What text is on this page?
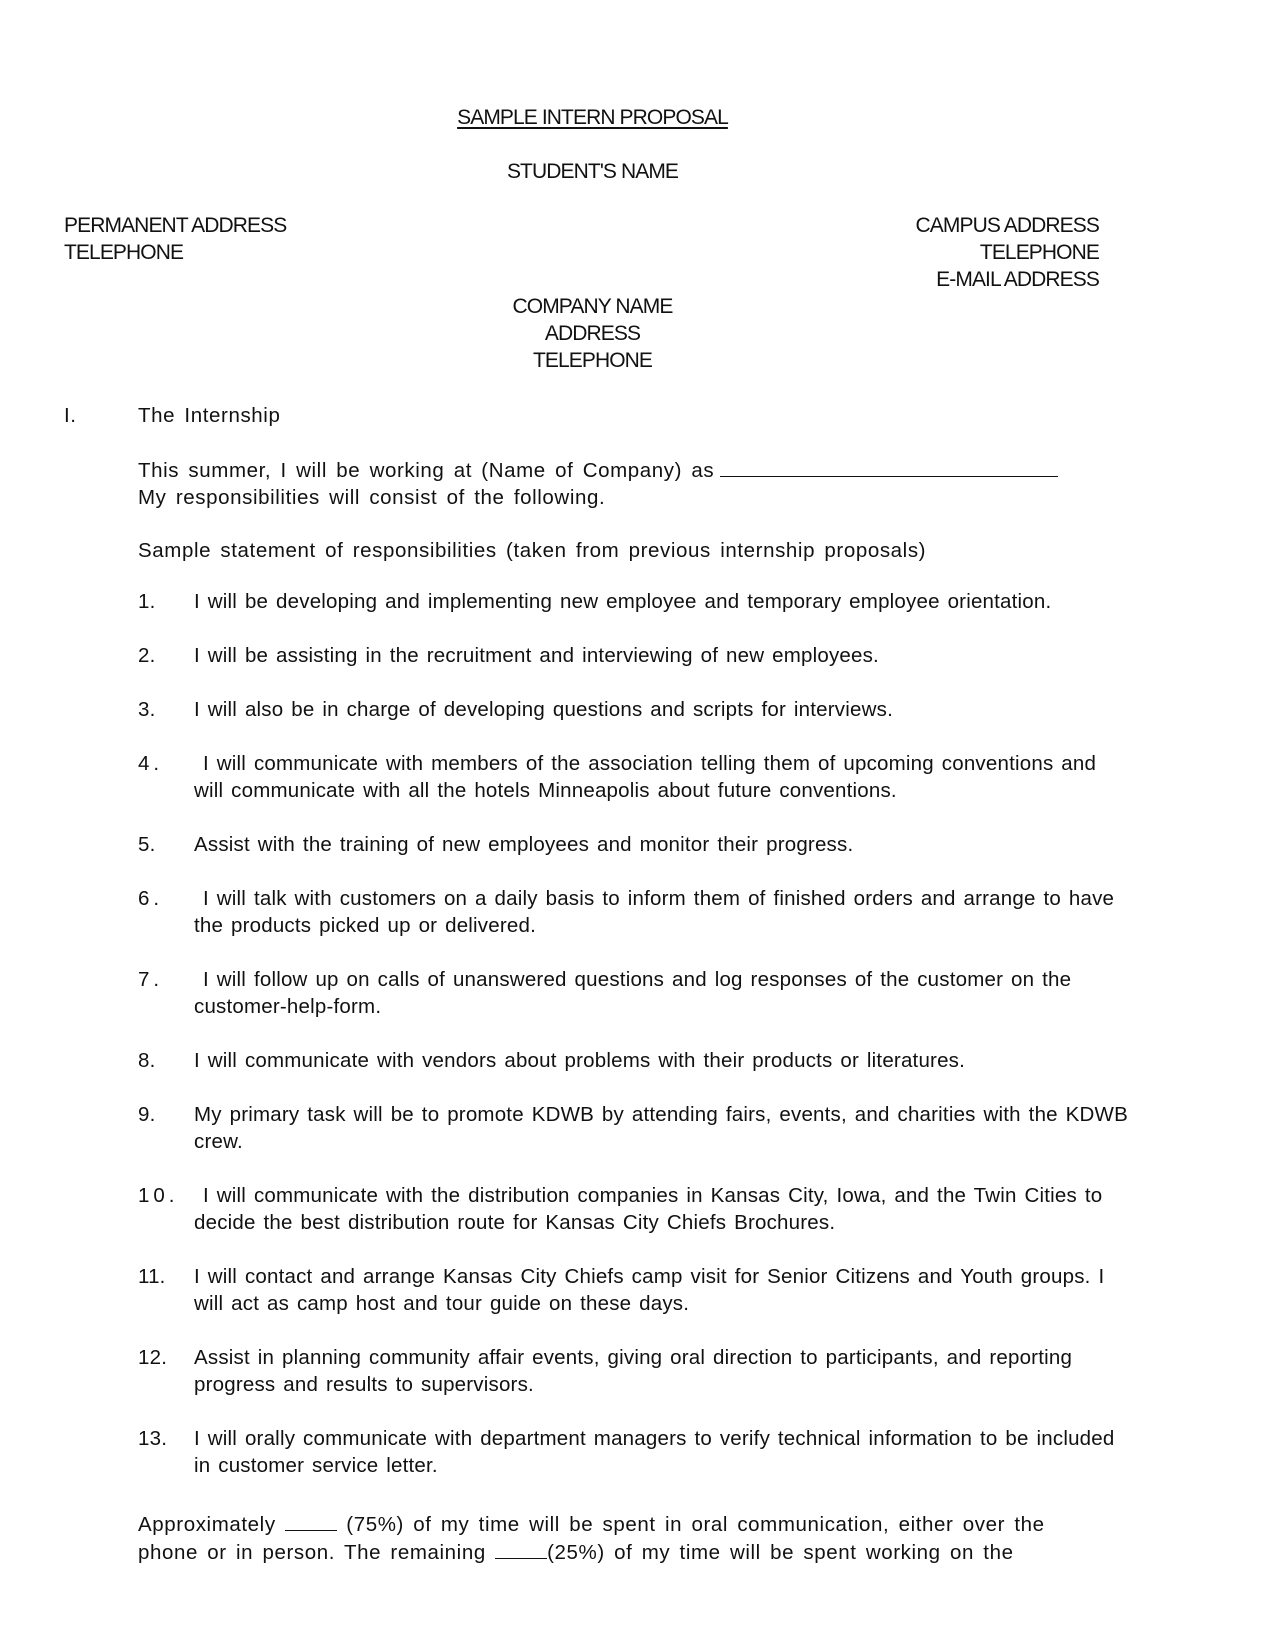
SAMPLE INTERN PROPOSAL
STUDENT'S NAME
PERMANENT ADDRESS
TELEPHONE
CAMPUS ADDRESS
TELEPHONE
E-MAIL ADDRESS
COMPANY NAME
ADDRESS
TELEPHONE
I.	The Internship
This summer, I will be working at (Name of Company) as
My responsibilities will consist of the following.
Sample statement of responsibilities (taken from previous internship proposals)
1. I will be developing and implementing new employee and temporary employee orientation.
2. I will be assisting in the recruitment and interviewing of new employees.
3. I will also be in charge of developing questions and scripts for interviews.
4. I will communicate with members of the association telling them of upcoming conventions and will communicate with all the hotels Minneapolis about future conventions.
5. Assist with the training of new employees and monitor their progress.
6. I will talk with customers on a daily basis to inform them of finished orders and arrange to have the products picked up or delivered.
7. I will follow up on calls of unanswered questions and log responses of the customer on the customer-help-form.
8. I will communicate with vendors about problems with their products or literatures.
9. My primary task will be to promote KDWB by attending fairs, events, and charities with the KDWB crew.
10. I will communicate with the distribution companies in Kansas City, Iowa, and the Twin Cities to decide the best distribution route for Kansas City Chiefs Brochures.
11. I will contact and arrange Kansas City Chiefs camp visit for Senior Citizens and Youth groups. I will act as camp host and tour guide on these days.
12. Assist in planning community affair events, giving oral direction to participants, and reporting progress and results to supervisors.
13. I will orally communicate with department managers to verify technical information to be included in customer service letter.
Approximately	(75%) of my time will be spent in oral communication, either over the
phone or in person. The remaining	(25%) of my time will be spent working on the
